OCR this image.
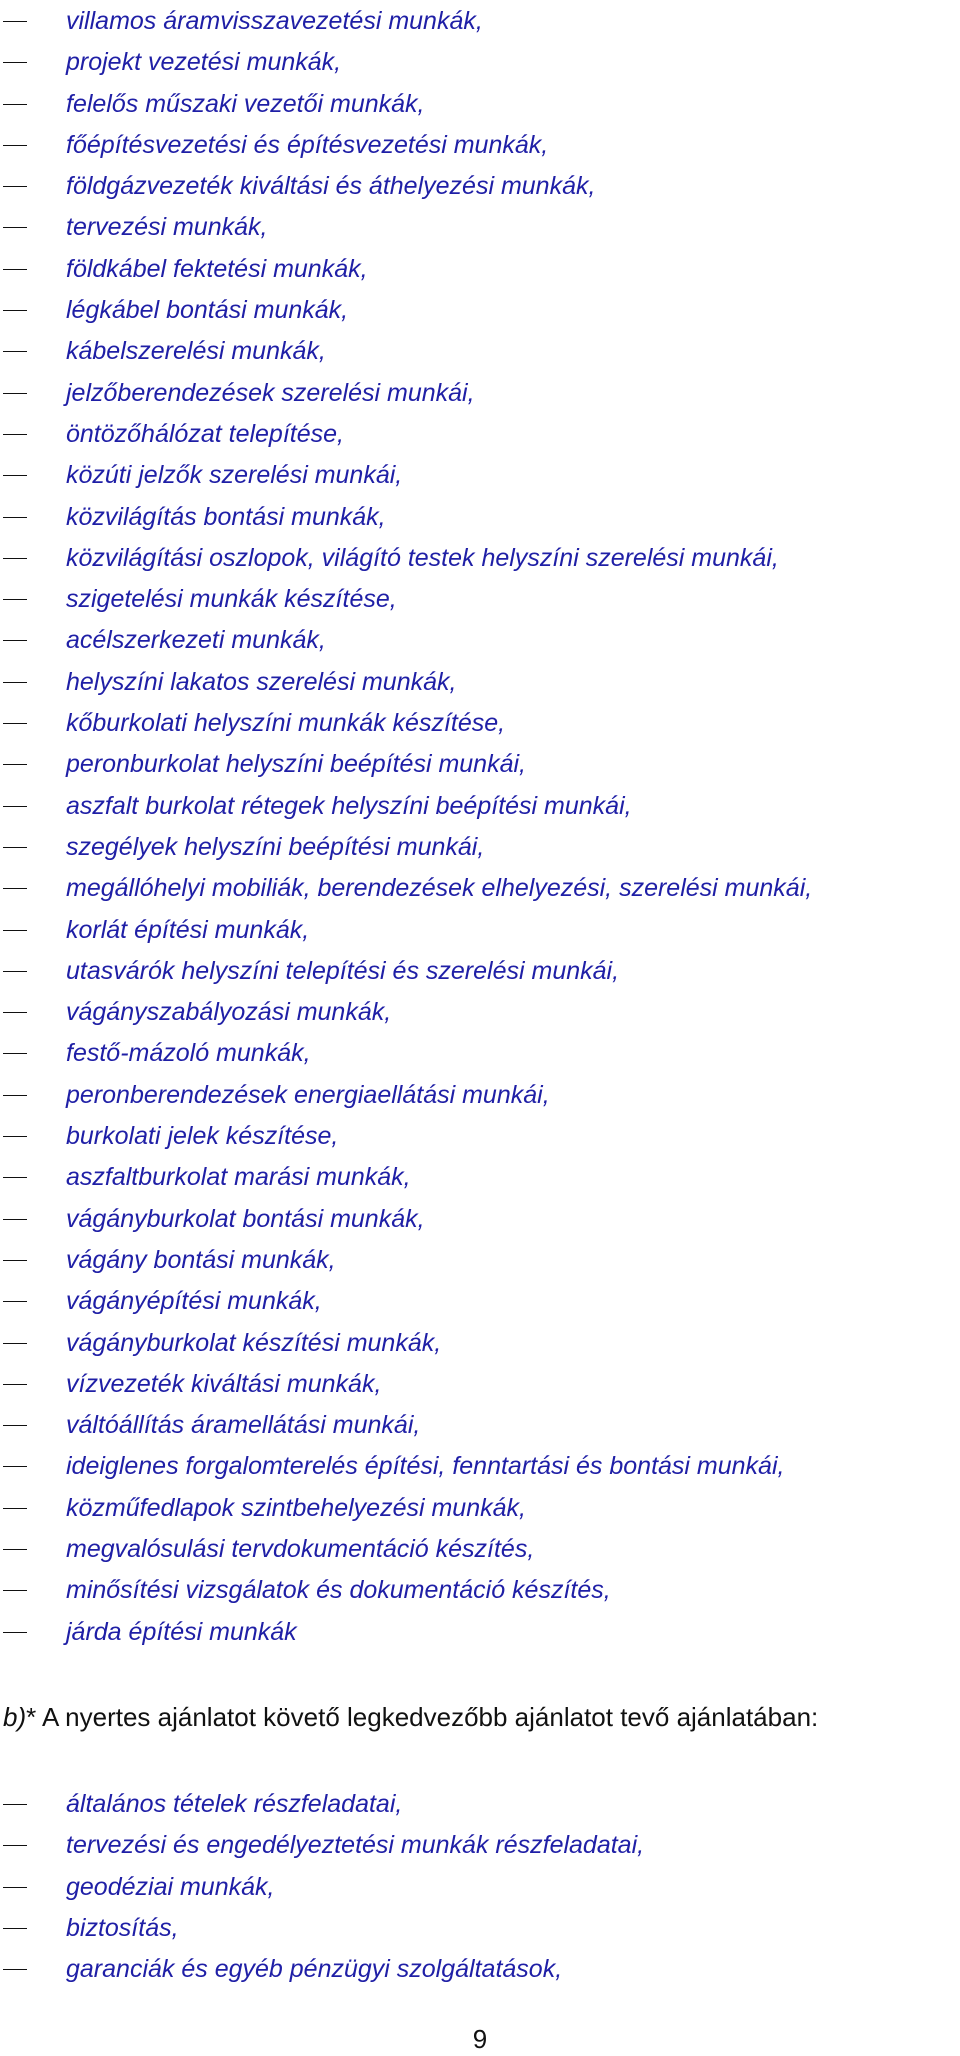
villamos áramvisszavezetési munkák,
projekt vezetési munkák,
felelős műszaki vezetői munkák,
főépítésvezetési és építésvezetési munkák,
földgázvezeték kiváltási és áthelyezési munkák,
tervezési munkák,
földkábel fektetési munkák,
légkábel bontási munkák,
kábelszerelési munkák,
jelzőberendezések szerelési munkái,
öntözőhálózat telepítése,
közúti jelzők szerelési munkái,
közvilágítás bontási munkák,
közvilágítási oszlopok, világító testek helyszíni szerelési munkái,
szigetelési munkák készítése,
acélszerkezeti munkák,
helyszíni lakatos szerelési munkák,
kőburkolati helyszíni munkák készítése,
peronburkolat helyszíni beépítési munkái,
aszfalt burkolat rétegek helyszíni beépítési munkái,
szegélyek helyszíni beépítési munkái,
megállóhelyi mobiliák, berendezések elhelyezési, szerelési munkái,
korlát építési munkák,
utasvárók helyszíni telepítési és szerelési munkái,
vágányszabályozási munkák,
festő-mázoló munkák,
peronberendezések energiaellátási munkái,
burkolati jelek készítése,
aszfaltburkolat marási munkák,
vágányburkolat bontási munkák,
vágány bontási munkák,
vágányépítési munkák,
vágányburkolat készítési munkák,
vízvezeték kiváltási munkák,
váltóállítás áramellátási munkái,
ideiglenes forgalomterelés építési, fenntartási és bontási munkái,
közműfedlapok szintbehelyezési munkák,
megvalósulási tervdokumentáció készítés,
minősítési vizsgálatok és dokumentáció készítés,
járda építési munkák
b)* A nyertes ajánlatot követő legkedvezőbb ajánlatot tevő ajánlatában:
általános tételek részfeladatai,
tervezési és engedélyeztetési munkák részfeladatai,
geodéziai munkák,
biztosítás,
garanciák és egyéb pénzügyi szolgáltatások,
9
